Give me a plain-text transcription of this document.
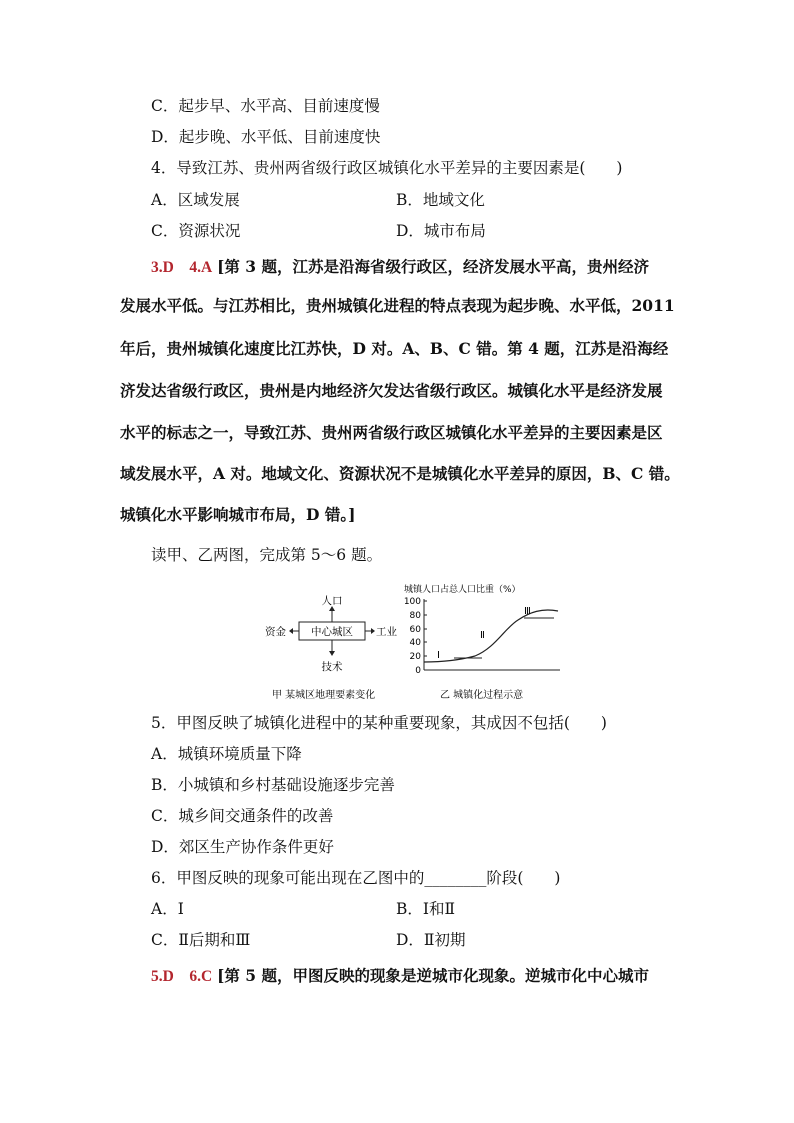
C．起步早、水平高、目前速度慢
D．起步晚、水平低、目前速度快
4．导致江苏、贵州两省级行政区城镇化水平差异的主要因素是(　　)
A．区域发展	B．地域文化
C．资源状况	D．城市布局
3.D　4.A [第 3 题，江苏是沿海省级行政区，经济发展水平高，贵州经济
发展水平低。与江苏相比，贵州城镇化进程的特点表现为起步晚、水平低，2011
年后，贵州城镇化速度比江苏快，D 对。A、B、C 错。第 4 题，江苏是沿海经
济发达省级行政区，贵州是内地经济欠发达省级行政区。城镇化水平是经济发展
水平的标志之一，导致江苏、贵州两省级行政区城镇化水平差异的主要因素是区
域发展水平，A 对。地域文化、资源状况不是城镇化水平差异的原因，B、C 错。
城镇化水平影响城市布局，D 错。]
读甲、乙两图，完成第 5～6 题。
中心城区
人口
资金	工业
技术
甲 某城区地理要素变化
城镇人口占总人口比重（%）
100
80
60
40
20
0
Ⅰ
Ⅱ
Ⅲ
乙 城镇化过程示意
5．甲图反映了城镇化进程中的某种重要现象，其成因不包括(　　)
A．城镇环境质量下降
B．小城镇和乡村基础设施逐步完善
C．城乡间交通条件的改善
D．郊区生产协作条件更好
6．甲图反映的现象可能出现在乙图中的________阶段(　　)
A．Ⅰ	B．Ⅰ和Ⅱ
C．Ⅱ后期和Ⅲ	D．Ⅱ初期
5.D　6.C [第 5 题，甲图反映的现象是逆城市化现象。逆城市化中心城市
